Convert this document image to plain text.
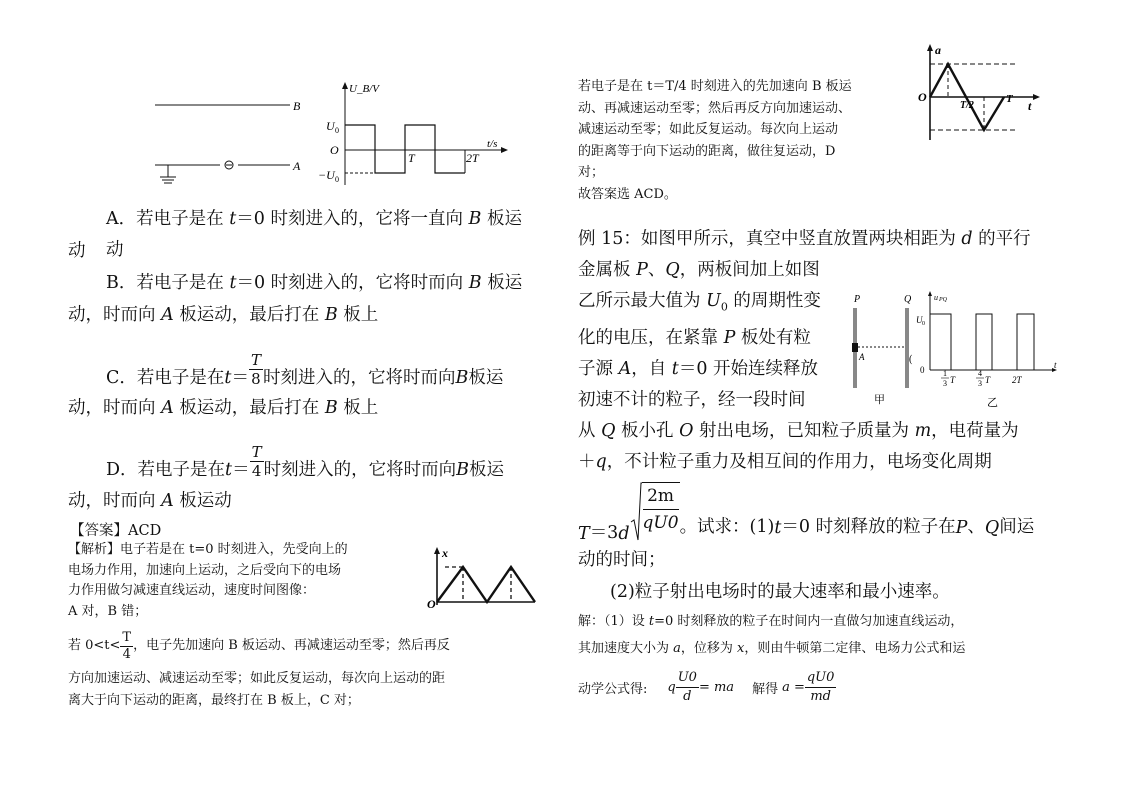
B
A
U_B/V
t/s
U 0
−U 0
O
T	2T
A．若电子是在 t＝0 时刻进入的，它将一直向 B 板运动
动
B．若电子是在 t＝0 时刻进入的，它将时而向 B 板运
动，时而向 A 板运动，最后打在 B 板上
C．若电子是在 $t = \frac{T}{8}$ 时刻进入的，它将时而向 B 板运
动，时而向 A 板运动，最后打在 B 板上
D．若电子是在 $t = \frac{T}{4}$ 时刻进入的，它将时而向 B 板运
动，时而向 A 板运动
【答案】ACD
【解析】电子若是在 t=0 时刻进入，先受向上的
电场力作用，加速向上运动，之后受向下的电场
力作用做匀减速直线运动，速度时间图像：
A 对，B 错；
若 $0<t< \frac{T}{4}$ ，电子先加速向 B 板运动、再减速运动至零；然后再反
方向加速运动、减速运动至零；如此反复运动，每次向上运动的距
离大于向下运动的距离，最终打在 B 板上，C 对；
x
O
若电子是在 t＝T/4 时刻进入的先加速向 B 板运
动、再减速运动至零；然后再反方向加速运动、
减速运动至零；如此反复运动。每次向上运动
的距离等于向下运动的距离，做往复运动，D
对；
故答案选 ACD。
a
O
t
T/2
T
例 15：如图甲所示，真空中竖直放置两块相距为 d 的平行
金属板 P、Q，两板间加上如图
乙所示最大值为 $U_0$ 的周期性变
化的电压，在紧靠 P 板处有粒
子源 A，自 t＝0 开始连续释放
初速不计的粒子，经一段时间
从 Q 板小孔 O 射出电场，已知粒子质量为 m，电荷量为
＋q，不计粒子重力及相互间的作用力，电场变化周期
T ＝3 d $\frac{2m}{qU0}$ 。试求：(1) t ＝0 时刻释放的粒子在 P 、 Q 间运
动的时间；
(2)粒子射出电场时的最大速率和最小速率。
P	Q
A	(
甲
u PQ
t
U 0
0 1
3 T
4
3 T 2T
乙
解：（1）设 t=0 时刻释放的粒子在时间内一直做匀加速直线运动，
其加速度大小为 a，位移为 x，则由牛顿第二定律、电场力公式和运
动学公式得: q $\frac{U0}{d}$ = ma 解得 $a = \frac{qU0}{md}$
